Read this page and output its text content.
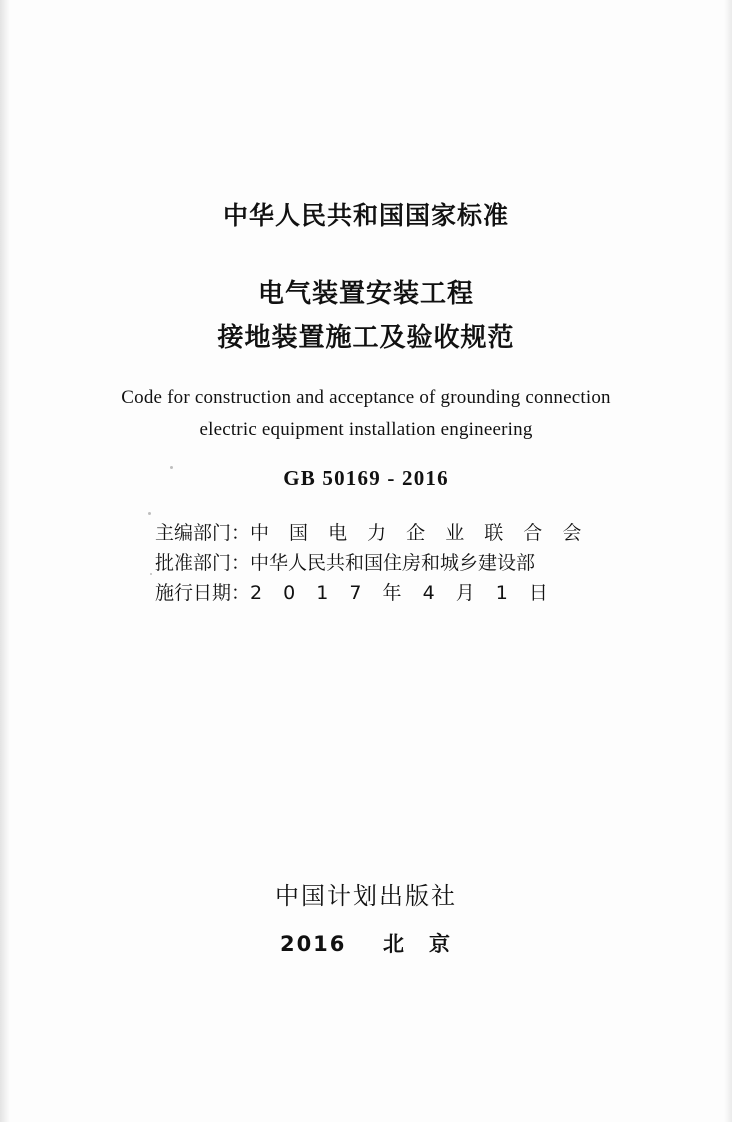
中华人民共和国国家标准
电气装置安装工程
接地装置施工及验收规范
Code for construction and acceptance of grounding connection
electric equipment installation engineering
GB 50169 - 2016
主编部门： 中 国 电 力 企 业 联 合 会
批准部门： 中华人民共和国住房和城乡建设部
施行日期： 2 0 1 7 年 4 月 1 日
中国计划出版社
2016 北　京
